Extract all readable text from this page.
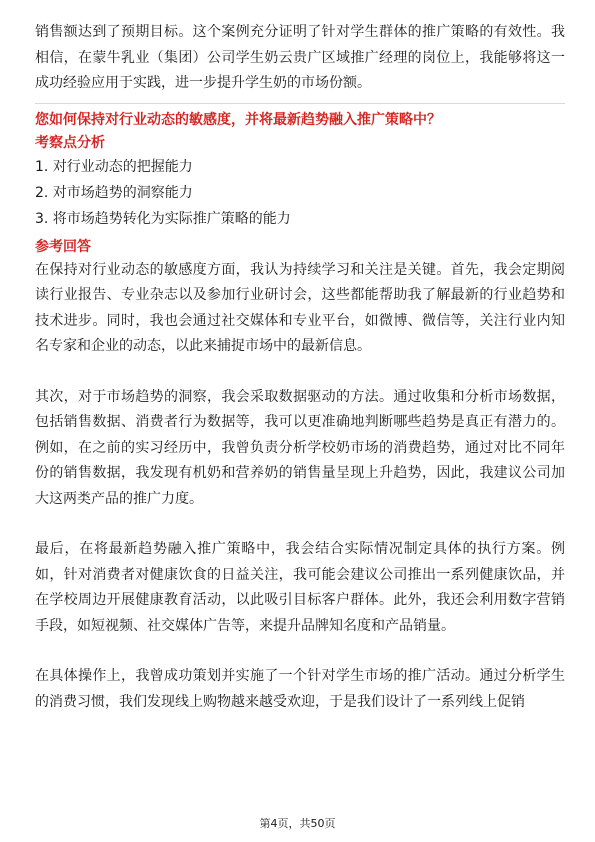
销售额达到了预期目标。这个案例充分证明了针对学生群体的推广策略的有效性。我相信，在蒙牛乳业（集团）公司学生奶云贵广区域推广经理的岗位上，我能够将这一成功经验应用于实践，进一步提升学生奶的市场份额。

您如何保持对行业动态的敏感度，并将最新趋势融入推广策略中？

考察点分析

1. 对行业动态的把握能力

2. 对市场趋势的洞察能力

3. 将市场趋势转化为实际推广策略的能力

参考回答

在保持对行业动态的敏感度方面，我认为持续学习和关注是关键。首先，我会定期阅读行业报告、专业杂志以及参加行业研讨会，这些都能帮助我了解最新的行业趋势和技术进步。同时，我也会通过社交媒体和专业平台，如微博、微信等，关注行业内知名专家和企业的动态，以此来捕捉市场中的最新信息。

其次，对于市场趋势的洞察，我会采取数据驱动的方法。通过收集和分析市场数据，包括销售数据、消费者行为数据等，我可以更准确地判断哪些趋势是真正有潜力的。例如，在之前的实习经历中，我曾负责分析学校奶市场的消费趋势，通过对比不同年份的销售数据，我发现有机奶和营养奶的销售量呈现上升趋势，因此，我建议公司加大这两类产品的推广力度。

最后，在将最新趋势融入推广策略中，我会结合实际情况制定具体的执行方案。例如，针对消费者对健康饮食的日益关注，我可能会建议公司推出一系列健康饮品，并在学校周边开展健康教育活动，以此吸引目标客户群体。此外，我还会利用数字营销手段，如短视频、社交媒体广告等，来提升品牌知名度和产品销量。

在具体操作上，我曾成功策划并实施了一个针对学生市场的推广活动。通过分析学生的消费习惯，我们发现线上购物越来越受欢迎，于是我们设计了一系列线上促销

第4页，共50页
